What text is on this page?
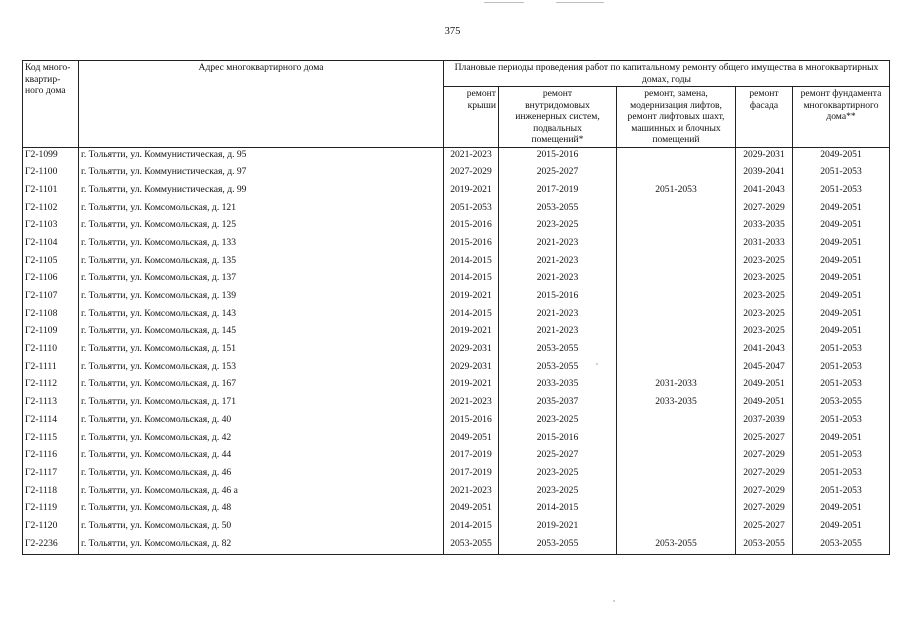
375
Код много-
квартир-
ного дома	Адрес многоквартирного дома	Плановые периоды проведения работ по капитальному ремонту общего имущества в многоквартирных домах, годы				
		ремонт
крыши	ремонт
внутридомовых
инженерных систем,
подвальных
помещений*	ремонт, замена,
модернизация лифтов,
ремонт лифтовых шахт,
машинных и блочных
помещений	ремонт
фасада	ремонт фундамента
многоквартирного
дома**
Г2-1099	г. Тольятти, ул. Коммунистическая, д. 95	2021-2023	2015-2016		2029-2031	2049-2051
Г2-1100	г. Тольятти, ул. Коммунистическая, д. 97	2027-2029	2025-2027		2039-2041	2051-2053
Г2-1101	г. Тольятти, ул. Коммунистическая, д. 99	2019-2021	2017-2019	2051-2053	2041-2043	2051-2053
Г2-1102	г. Тольятти, ул. Комсомольская, д. 121	2051-2053	2053-2055		2027-2029	2049-2051
Г2-1103	г. Тольятти, ул. Комсомольская, д. 125	2015-2016	2023-2025		2033-2035	2049-2051
Г2-1104	г. Тольятти, ул. Комсомольская, д. 133	2015-2016	2021-2023		2031-2033	2049-2051
Г2-1105	г. Тольятти, ул. Комсомольская, д. 135	2014-2015	2021-2023		2023-2025	2049-2051
Г2-1106	г. Тольятти, ул. Комсомольская, д. 137	2014-2015	2021-2023		2023-2025	2049-2051
Г2-1107	г. Тольятти, ул. Комсомольская, д. 139	2019-2021	2015-2016		2023-2025	2049-2051
Г2-1108	г. Тольятти, ул. Комсомольская, д. 143	2014-2015	2021-2023		2023-2025	2049-2051
Г2-1109	г. Тольятти, ул. Комсомольская, д. 145	2019-2021	2021-2023		2023-2025	2049-2051
Г2-1110	г. Тольятти, ул. Комсомольская, д. 151	2029-2031	2053-2055		2041-2043	2051-2053
Г2-1111	г. Тольятти, ул. Комсомольская, д. 153	2029-2031	2053-2055		2045-2047	2051-2053
Г2-1112	г. Тольятти, ул. Комсомольская, д. 167	2019-2021	2033-2035	2031-2033	2049-2051	2051-2053
Г2-1113	г. Тольятти, ул. Комсомольская, д. 171	2021-2023	2035-2037	2033-2035	2049-2051	2053-2055
Г2-1114	г. Тольятти, ул. Комсомольская, д. 40	2015-2016	2023-2025		2037-2039	2051-2053
Г2-1115	г. Тольятти, ул. Комсомольская, д. 42	2049-2051	2015-2016		2025-2027	2049-2051
Г2-1116	г. Тольятти, ул. Комсомольская, д. 44	2017-2019	2025-2027		2027-2029	2051-2053
Г2-1117	г. Тольятти, ул. Комсомольская, д. 46	2017-2019	2023-2025		2027-2029	2051-2053
Г2-1118	г. Тольятти, ул. Комсомольская, д. 46 а	2021-2023	2023-2025		2027-2029	2051-2053
Г2-1119	г. Тольятти, ул. Комсомольская, д. 48	2049-2051	2014-2015		2027-2029	2049-2051
Г2-1120	г. Тольятти, ул. Комсомольская, д. 50	2014-2015	2019-2021		2025-2027	2049-2051
Г2-2236	г. Тольятти, ул. Комсомольская, д. 82	2053-2055	2053-2055	2053-2055	2053-2055	2053-2055
